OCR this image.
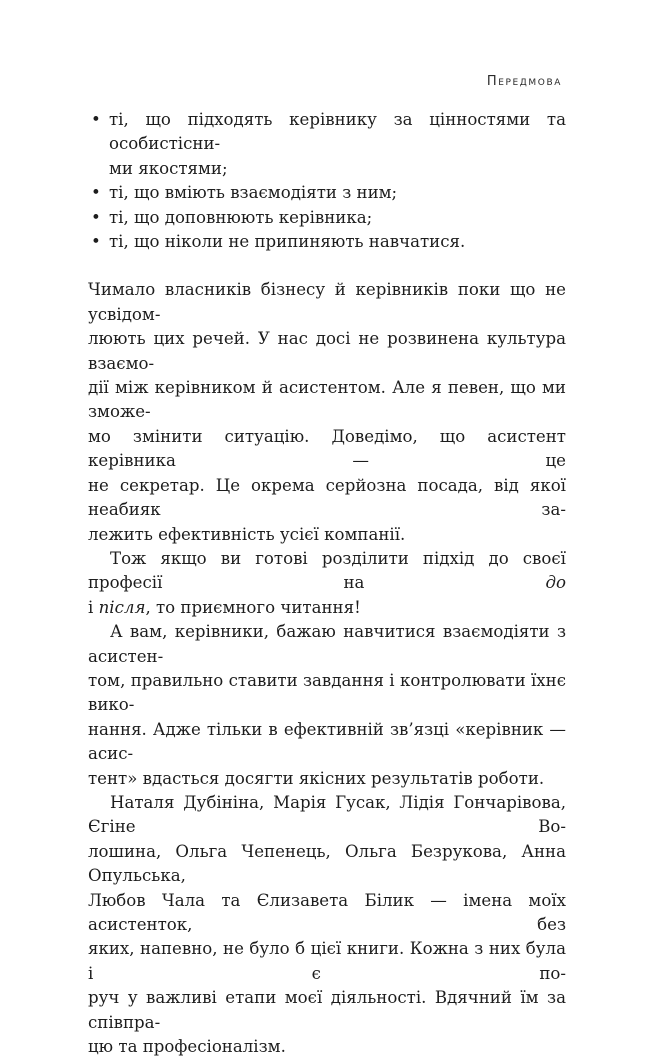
Передмова
• ті, що підходять керівнику за цінностями та особистісни-
ми якостями;
• ті, що вміють взаємодіяти з ним;
• ті, що доповнюють керівника;
• ті, що ніколи не припиняють навчатися.
Чимало власників бізнесу й керівників поки що не усвідом-
люють цих речей. У нас досі не розвинена культура взаємо-
дії між керівником й асистентом. Але я певен, що ми зможе-
мо змінити ситуацію. Доведімо, що асистент керівника — це
не секретар. Це окрема серйозна посада, від якої неабияк за-
лежить ефективність усієї компанії.
Тож якщо ви готові розділити підхід до своєї професії на до
і після, то приємного читання!
А вам, керівники, бажаю навчитися взаємодіяти з асистен-
том, правильно ставити завдання і контролювати їхнє вико-
нання. Адже тільки в ефективній зв’язці «керівник — асис-
тент» вдасться досягти якісних результатів роботи.
Наталя Дубініна, Марія Гусак, Лідія Гончарівова, Єгіне Во-
лошина, Ольга Чепенець, Ольга Безрукова, Анна Опульська,
Любов Чала та Єлизавета Білик — імена моїх асистенток, без
яких, напевно, не було б цієї книги. Кожна з них була і є по-
руч у важливі етапи моєї діяльності. Вдячний їм за співпра-
цю та професіоналізм.
